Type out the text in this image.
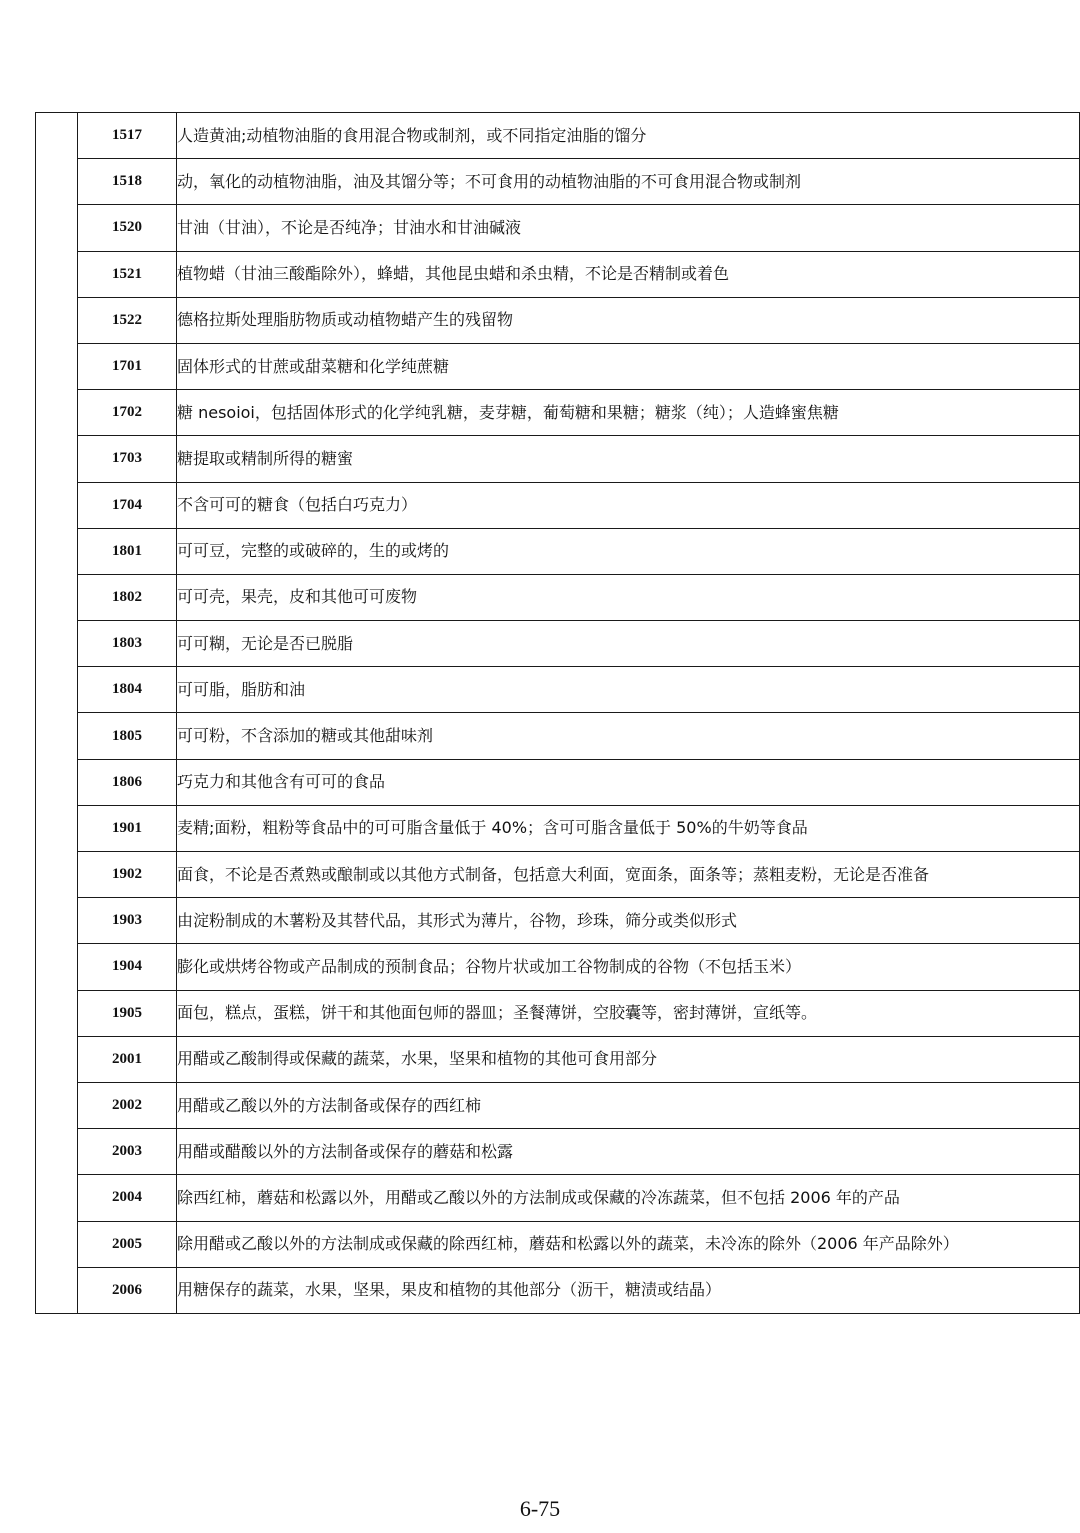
	1517	人造黄油;动植物油脂的食用混合物或制剂，或不同指定油脂的馏分
	1518	动，氧化的动植物油脂，油及其馏分等；不可食用的动植物油脂的不可食用混合物或制剂
	1520	甘油（甘油），不论是否纯净；甘油水和甘油碱液
	1521	植物蜡（甘油三酸酯除外），蜂蜡，其他昆虫蜡和杀虫精，不论是否精制或着色
	1522	德格拉斯处理脂肪物质或动植物蜡产生的残留物
	1701	固体形式的甘蔗或甜菜糖和化学纯蔗糖
	1702	糖 nesoioi，包括固体形式的化学纯乳糖，麦芽糖，葡萄糖和果糖；糖浆（纯）；人造蜂蜜焦糖
	1703	糖提取或精制所得的糖蜜
	1704	不含可可的糖食（包括白巧克力）
	1801	可可豆，完整的或破碎的，生的或烤的
	1802	可可壳，果壳，皮和其他可可废物
	1803	可可糊，无论是否已脱脂
	1804	可可脂，脂肪和油
	1805	可可粉，不含添加的糖或其他甜味剂
	1806	巧克力和其他含有可可的食品
	1901	麦精;面粉，粗粉等食品中的可可脂含量低于 40%；含可可脂含量低于 50%的牛奶等食品
	1902	面食，不论是否煮熟或酿制或以其他方式制备，包括意大利面，宽面条，面条等；蒸粗麦粉，无论是否准备
	1903	由淀粉制成的木薯粉及其替代品，其形式为薄片，谷物，珍珠，筛分或类似形式
	1904	膨化或烘烤谷物或产品制成的预制食品；谷物片状或加工谷物制成的谷物（不包括玉米）
	1905	面包，糕点，蛋糕，饼干和其他面包师的器皿；圣餐薄饼，空胶囊等，密封薄饼，宣纸等。
	2001	用醋或乙酸制得或保藏的蔬菜，水果，坚果和植物的其他可食用部分
	2002	用醋或乙酸以外的方法制备或保存的西红柿
	2003	用醋或醋酸以外的方法制备或保存的蘑菇和松露
	2004	除西红柿，蘑菇和松露以外，用醋或乙酸以外的方法制成或保藏的冷冻蔬菜，但不包括 2006 年的产品
	2005	除用醋或乙酸以外的方法制成或保藏的除西红柿，蘑菇和松露以外的蔬菜，未冷冻的除外（2006 年产品除外）
	2006	用糖保存的蔬菜，水果，坚果，果皮和植物的其他部分（沥干，糖渍或结晶）
6-75
